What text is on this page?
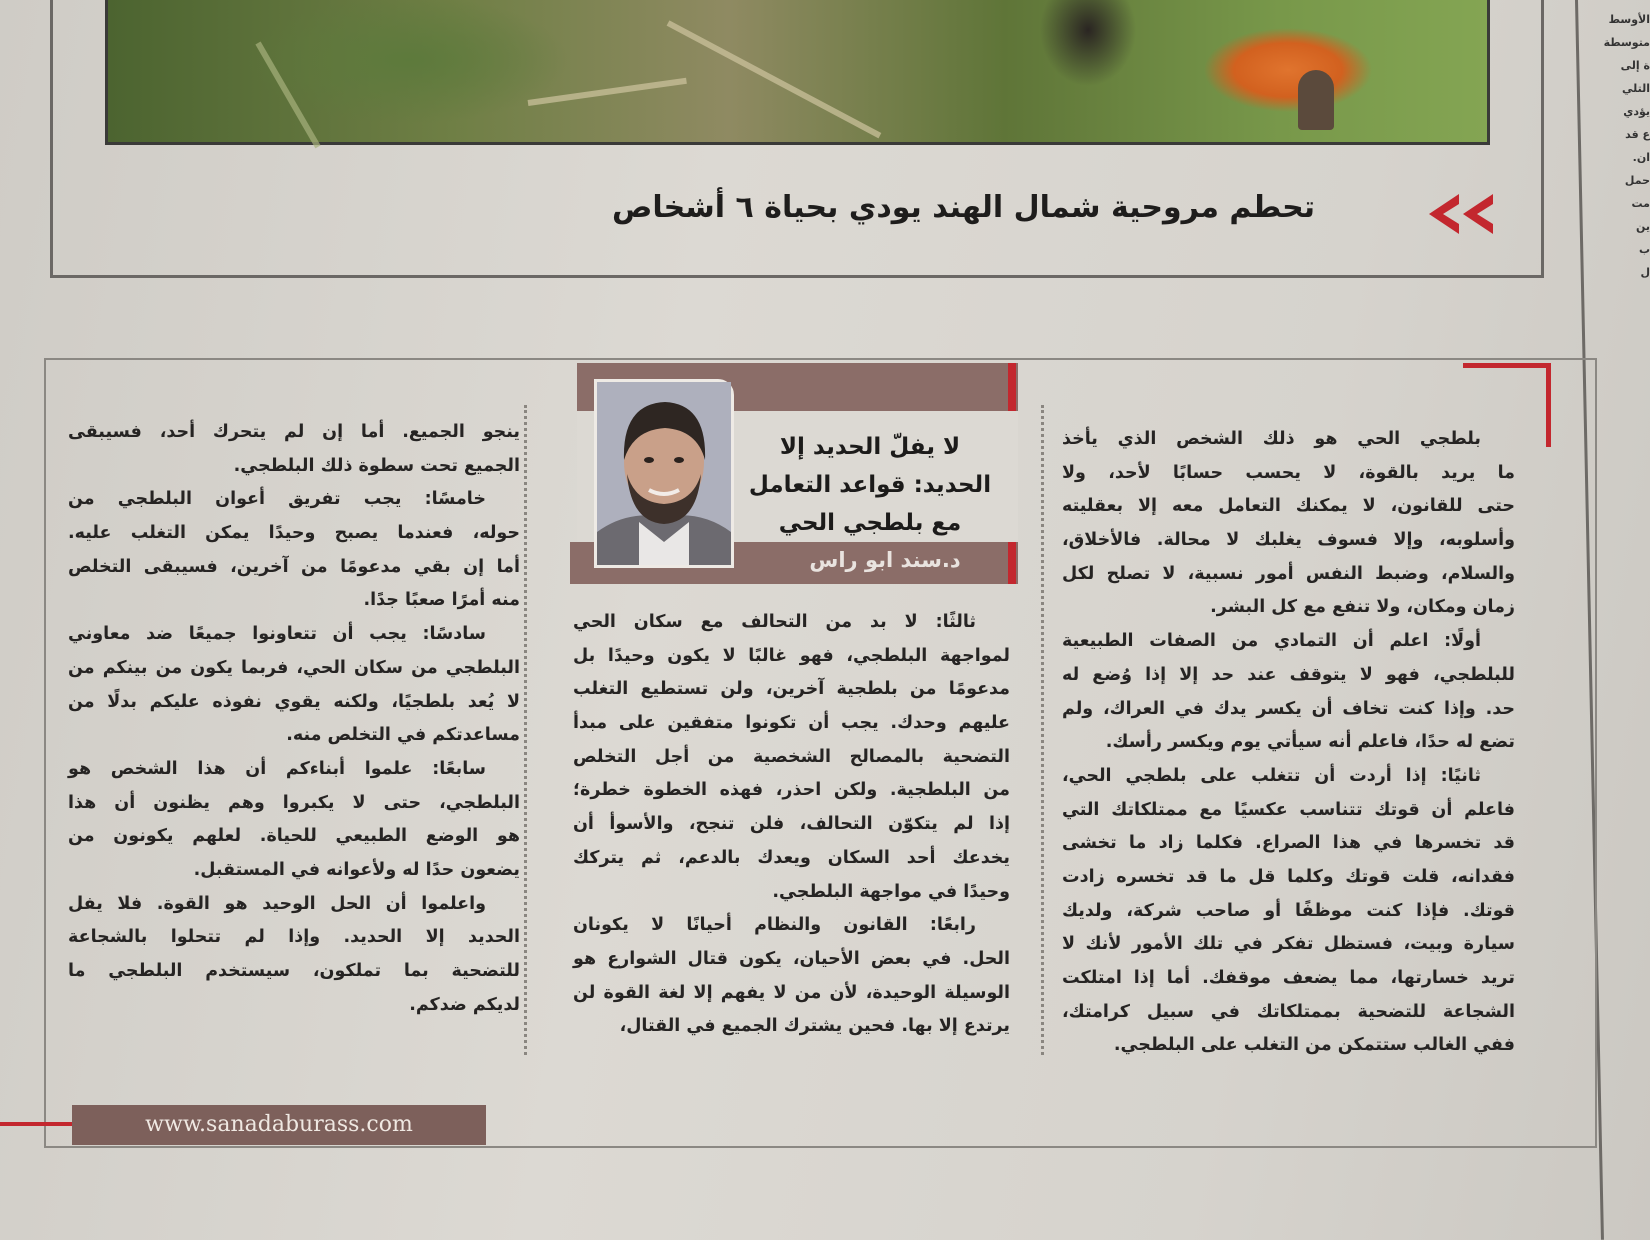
الأوسط
متوسطة
ة إلى
التلي
يؤدي
ع قد
ان.
حمل
مت
ين
ب
ل
تحطم مروحية شمال الهند يودي بحياة ٦ أشخاص
لا يفلّ الحديد إلا
الحديد: قواعد التعامل
مع بلطجي الحي
د.سند ابو راس
بلطجي الحي هو ذلك الشخص الذي يأخذ
ما يريد بالقوة، لا يحسب حسابًا لأحد، ولا
حتى للقانون، لا يمكنك التعامل معه إلا بعقليته
وأسلوبه، وإلا فسوف يغلبك لا محالة. فالأخلاق،
والسلام، وضبط النفس أمور نسبية، لا تصلح لكل
زمان ومكان، ولا تنفع مع كل البشر.
أولًا: اعلم أن التمادي من الصفات الطبيعية
للبلطجي، فهو لا يتوقف عند حد إلا إذا وُضع له
حد. وإذا كنت تخاف أن يكسر يدك في العراك، ولم
تضع له حدًا، فاعلم أنه سيأتي يوم ويكسر رأسك.
ثانيًا: إذا أردت أن تتغلب على بلطجي الحي،
فاعلم أن قوتك تتناسب عكسيًا مع ممتلكاتك التي
قد تخسرها في هذا الصراع. فكلما زاد ما تخشى
فقدانه، قلت قوتك وكلما قل ما قد تخسره زادت
قوتك. فإذا كنت موظفًا أو صاحب شركة، ولديك
سيارة وبيت، فستظل تفكر في تلك الأمور لأنك لا
تريد خسارتها، مما يضعف موقفك. أما إذا امتلكت
الشجاعة للتضحية بممتلكاتك في سبيل كرامتك،
ففي الغالب ستتمكن من التغلب على البلطجي.
ثالثًا: لا بد من التحالف مع سكان الحي
لمواجهة البلطجي، فهو غالبًا لا يكون وحيدًا بل
مدعومًا من بلطجية آخرين، ولن تستطيع التغلب
عليهم وحدك. يجب أن تكونوا متفقين على مبدأ
التضحية بالمصالح الشخصية من أجل التخلص
من البلطجية. ولكن احذر، فهذه الخطوة خطرة؛
إذا لم يتكوّن التحالف، فلن تنجح، والأسوأ أن
يخدعك أحد السكان ويعدك بالدعم، ثم يتركك
وحيدًا في مواجهة البلطجي.
رابعًا: القانون والنظام أحيانًا لا يكونان
الحل. في بعض الأحيان، يكون قتال الشوارع هو
الوسيلة الوحيدة، لأن من لا يفهم إلا لغة القوة لن
يرتدع إلا بها. فحين يشترك الجميع في القتال،
ينجو الجميع. أما إن لم يتحرك أحد، فسيبقى
الجميع تحت سطوة ذلك البلطجي.
خامسًا: يجب تفريق أعوان البلطجي من
حوله، فعندما يصبح وحيدًا يمكن التغلب عليه.
أما إن بقي مدعومًا من آخرين، فسيبقى التخلص
منه أمرًا صعبًا جدًا.
سادسًا: يجب أن تتعاونوا جميعًا ضد معاوني
البلطجي من سكان الحي، فربما يكون من بينكم من
لا يُعد بلطجيًا، ولكنه يقوي نفوذه عليكم بدلًا من
مساعدتكم في التخلص منه.
سابعًا: علموا أبناءكم أن هذا الشخص هو
البلطجي، حتى لا يكبروا وهم يظنون أن هذا
هو الوضع الطبيعي للحياة. لعلهم يكونون من
يضعون حدًا له ولأعوانه في المستقبل.
واعلموا أن الحل الوحيد هو القوة. فلا يفل
الحديد إلا الحديد. وإذا لم تتحلوا بالشجاعة
للتضحية بما تملكون، سيستخدم البلطجي ما
لديكم ضدكم.
www.sanadaburass.com
